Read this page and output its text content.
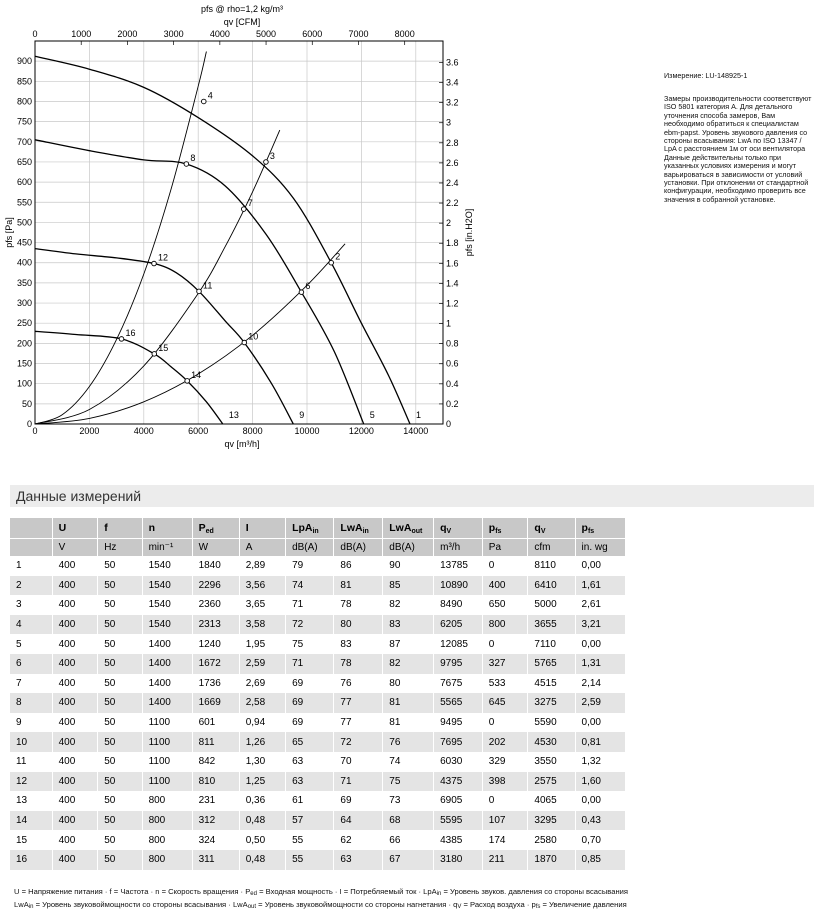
0	2000	4000	6000	8000	10000	12000	14000
0	1000	2000	3000	4000	5000	6000	7000	8000
0
50
100
150
200
250
300
350
400
450
500
550
600
650
700
750
800
850
900
0
0.2
0.4
0.6
0.8
1
1.2
1.4
1.6
1.8
2
2.2
2.4
2.6
2.8
3
3.2
3.4
3.6
1
2
3
4
5
6
7
8
9
10
11
12
13
14
15
16
pfs @ rho=1,2 kg/m³
qv [CFM]
qv [m³/h]
pfs [Pa]	pfs [in.H2O]
Измерение: LU-148925-1
Замеры производительности соответствуют ISO 5801 категория A. Для детального уточнения способа замеров, Вам необходимо обратиться к специалистам ebm-papst. Уровень звукового давления со стороны всасывания: LwA по ISO 13347 / LpA с расстоянием 1м от оси вентилятора Данные действительны только при указанных условиях измерения и могут варьироваться в зависимости от условий установки. При отклонении от стандартной конфигурации, необходимо проверить все значения в собранной установке.
Данные измерений
	U	f	n	$P_{ed}$	I	LpA$_{in}$	LwA$_{in}$	LwA$_{out}$	$q_V$	$p_{fs}$	$q_V$	$p_{fs}$
	V	Hz	min⁻¹	W	A	dB(A)	dB(A)	dB(A)	m³/h	Pa	cfm	in. wg
1	400	50	1540	1840	2,89	79	86	90	13785	0	8110	0,00
2	400	50	1540	2296	3,56	74	81	85	10890	400	6410	1,61
3	400	50	1540	2360	3,65	71	78	82	8490	650	5000	2,61
4	400	50	1540	2313	3,58	72	80	83	6205	800	3655	3,21
5	400	50	1400	1240	1,95	75	83	87	12085	0	7110	0,00
6	400	50	1400	1672	2,59	71	78	82	9795	327	5765	1,31
7	400	50	1400	1736	2,69	69	76	80	7675	533	4515	2,14
8	400	50	1400	1669	2,58	69	77	81	5565	645	3275	2,59
9	400	50	1100	601	0,94	69	77	81	9495	0	5590	0,00
10	400	50	1100	811	1,26	65	72	76	7695	202	4530	0,81
11	400	50	1100	842	1,30	63	70	74	6030	329	3550	1,32
12	400	50	1100	810	1,25	63	71	75	4375	398	2575	1,60
13	400	50	800	231	0,36	61	69	73	6905	0	4065	0,00
14	400	50	800	312	0,48	57	64	68	5595	107	3295	0,43
15	400	50	800	324	0,50	55	62	66	4385	174	2580	0,70
16	400	50	800	311	0,48	55	63	67	3180	211	1870	0,85
U = Напряжение питания · f = Частота · n = Скорость вращения · $P_{ed}$ = Входная мощность · I = Потребляемый ток · LpA$_{in}$ = Уровень звуков. давления со стороны всасывания
LwA$_{in}$ = Уровень звуковоймощности со стороны всасывания · LwA$_{out}$ = Уровень звуковоймощности со стороны нагнетания · $q_V$ = Расход воздуха · $p_{fs}$ = Увеличение давления
